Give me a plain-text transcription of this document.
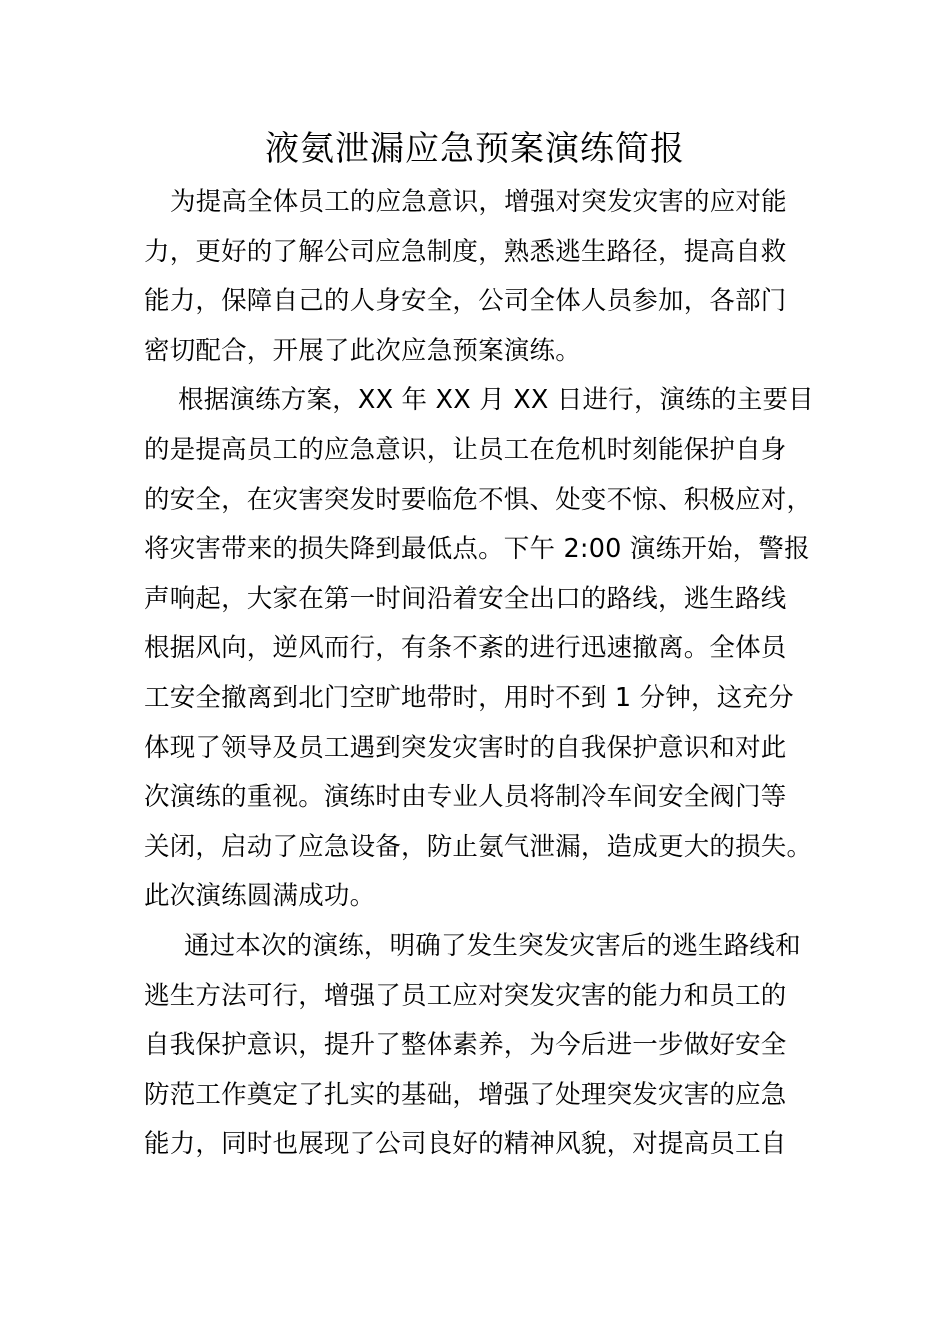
液氨泄漏应急预案演练简报
为提高全体员工的应急意识，增强对突发灾害的应对能
力，更好的了解公司应急制度，熟悉逃生路径，提高自救
能力，保障自己的人身安全，公司全体人员参加，各部门
密切配合，开展了此次应急预案演练。
根据演练方案，XX 年 XX 月 XX 日进行，演练的主要目
的是提高员工的应急意识，让员工在危机时刻能保护自身
的安全，在灾害突发时要临危不惧、处变不惊、积极应对，
将灾害带来的损失降到最低点。下午 2:00 演练开始，警报
声响起，大家在第一时间沿着安全出口的路线，逃生路线
根据风向，逆风而行，有条不紊的进行迅速撤离。全体员
工安全撤离到北门空旷地带时，用时不到 1 分钟，这充分
体现了领导及员工遇到突发灾害时的自我保护意识和对此
次演练的重视。演练时由专业人员将制冷车间安全阀门等
关闭，启动了应急设备，防止氨气泄漏，造成更大的损失。
此次演练圆满成功。
通过本次的演练，明确了发生突发灾害后的逃生路线和
逃生方法可行，增强了员工应对突发灾害的能力和员工的
自我保护意识，提升了整体素养，为今后进一步做好安全
防范工作奠定了扎实的基础，增强了处理突发灾害的应急
能力，同时也展现了公司良好的精神风貌，对提高员工自
